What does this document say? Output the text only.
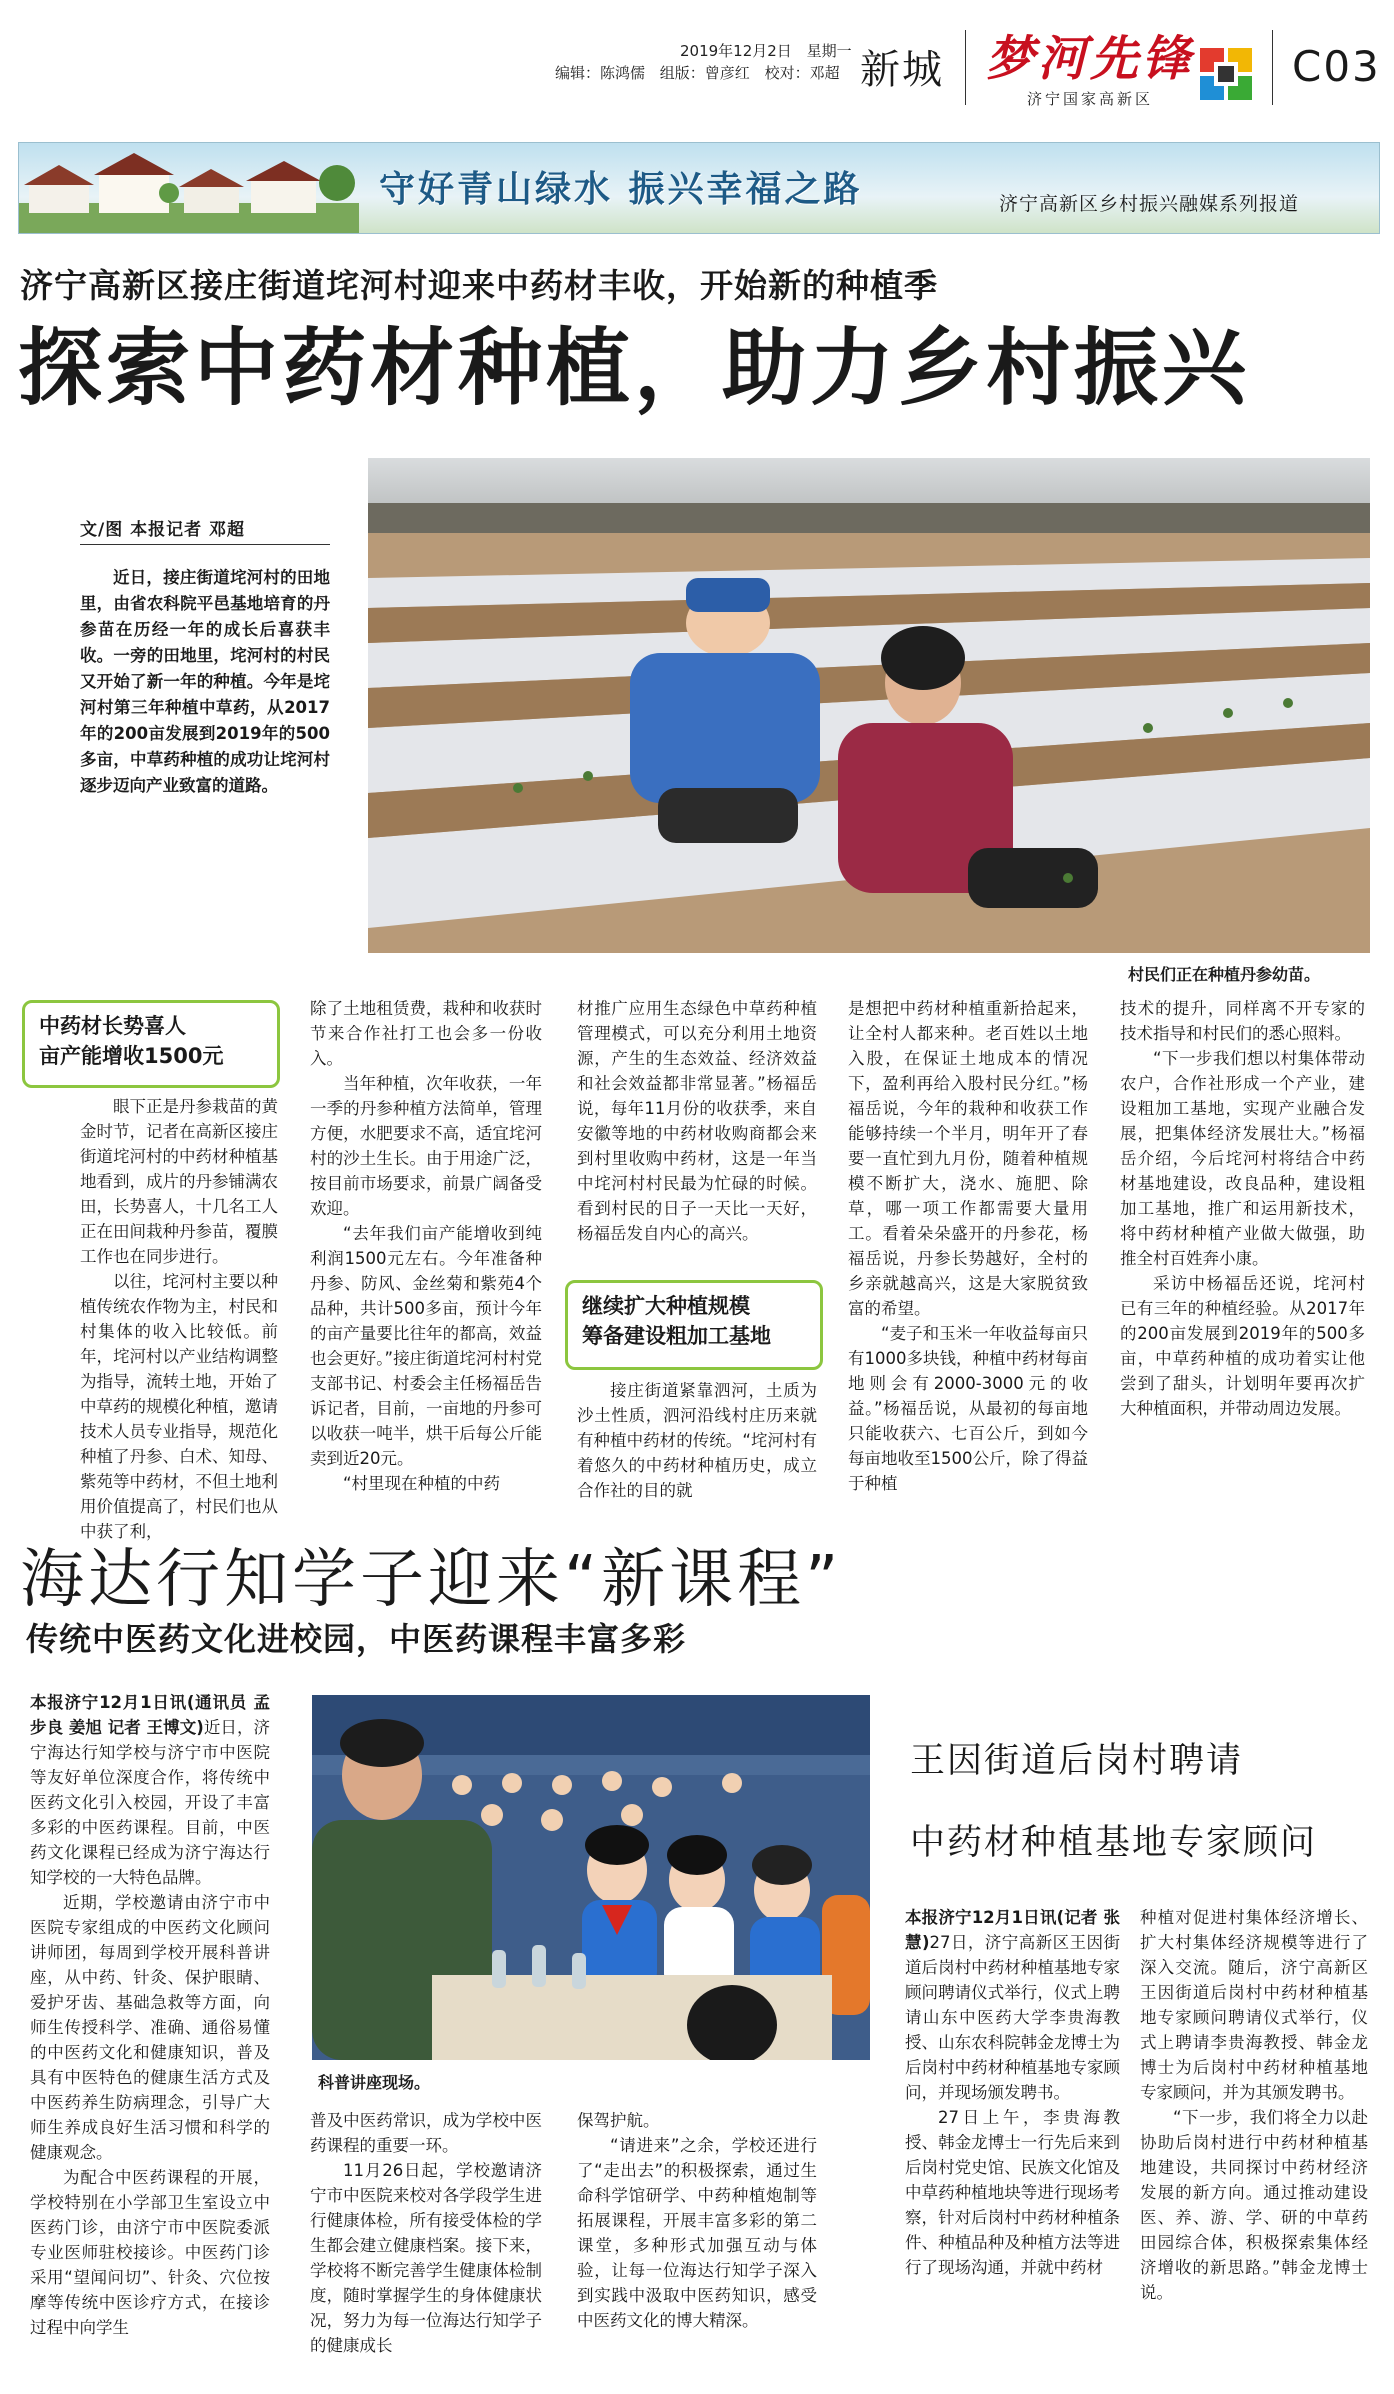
2019年12月2日 星期一
编辑：陈鸿儒 组版：曾彦红 校对：邓超 新城 梦河先锋
济宁国家高新区
C03
守好青山绿水 振兴幸福之路	济宁高新区乡村振兴融媒系列报道
济宁高新区接庄街道垞河村迎来中药材丰收，开始新的种植季
探索中药材种植，助力乡村振兴
文/图 本报记者 邓超

近日，接庄街道垞河村的田地里，由省农科院平邑基地培育的丹参苗在历经一年的成长后喜获丰收。一旁的田地里，垞河村的村民又开始了新一年的种植。今年是垞河村第三年种植中草药，从2017年的200亩发展到2019年的500多亩，中草药种植的成功让垞河村逐步迈向产业致富的道路。

村民们正在种植丹参幼苗。
中药材长势喜人
亩产能增收1500元

眼下正是丹参栽苗的黄金时节，记者在高新区接庄街道垞河村的中药材种植基地看到，成片的丹参铺满农田，长势喜人，十几名工人正在田间栽种丹参苗，覆膜工作也在同步进行。

以往，垞河村主要以种植传统农作物为主，村民和村集体的收入比较低。前年，垞河村以产业结构调整为指导，流转土地，开始了中草药的规模化种植，邀请技术人员专业指导，规范化种植了丹参、白术、知母、紫苑等中药材，不但土地利用价值提高了，村民们也从中获了利，

除了土地租赁费，栽种和收获时节来合作社打工也会多一份收入。

当年种植，次年收获，一年一季的丹参种植方法简单，管理方便，水肥要求不高，适宜垞河村的沙土生长。由于用途广泛，按目前市场要求，前景广阔备受欢迎。

“去年我们亩产能增收到纯利润1500元左右。今年准备种丹参、防风、金丝菊和紫苑4个品种，共计500多亩，预计今年的亩产量要比往年的都高，效益也会更好。”接庄街道垞河村村党支部书记、村委会主任杨福岳告诉记者，目前，一亩地的丹参可以收获一吨半，烘干后每公斤能卖到近20元。

“村里现在种植的中药

材推广应用生态绿色中草药种植管理模式，可以充分利用土地资源，产生的生态效益、经济效益和社会效益都非常显著。”杨福岳说，每年11月份的收获季，来自安徽等地的中药材收购商都会来到村里收购中药材，这是一年当中垞河村村民最为忙碌的时候。看到村民的日子一天比一天好，杨福岳发自内心的高兴。

继续扩大种植规模
筹备建设粗加工基地

接庄街道紧靠泗河，土质为沙土性质，泗河沿线村庄历来就有种植中药材的传统。“垞河村有着悠久的中药材种植历史，成立合作社的目的就

是想把中药材种植重新拾起来，让全村人都来种。老百姓以土地入股，在保证土地成本的情况下，盈利再给入股村民分红。”杨福岳说，今年的栽种和收获工作能够持续一个半月，明年开了春要一直忙到九月份，随着种植规模不断扩大，浇水、施肥、除草，哪一项工作都需要大量用工。看着朵朵盛开的丹参花，杨福岳说，丹参长势越好，全村的乡亲就越高兴，这是大家脱贫致富的希望。

“麦子和玉米一年收益每亩只有1000多块钱，种植中药材每亩地则会有2000-3000元的收益。”杨福岳说，从最初的每亩地只能收获六、七百公斤，到如今每亩地收至1500公斤，除了得益于种植

技术的提升，同样离不开专家的技术指导和村民们的悉心照料。

“下一步我们想以村集体带动农户，合作社形成一个产业，建设粗加工基地，实现产业融合发展，把集体经济发展壮大。”杨福岳介绍，今后垞河村将结合中药材基地建设，改良品种，建设粗加工基地，推广和运用新技术，将中药材种植产业做大做强，助推全村百姓奔小康。

采访中杨福岳还说，垞河村已有三年的种植经验。从2017年的200亩发展到2019年的500多亩，中草药种植的成功着实让他尝到了甜头，计划明年要再次扩大种植面积，并带动周边发展。

海达行知学子迎来“新课程”
传统中医药文化进校园，中医药课程丰富多彩

本报济宁12月1日讯(通讯员 孟步良 姜旭 记者 王博文)近日，济宁海达行知学校与济宁市中医院等友好单位深度合作，将传统中医药文化引入校园，开设了丰富多彩的中医药课程。目前，中医药文化课程已经成为济宁海达行知学校的一大特色品牌。

近期，学校邀请由济宁市中医院专家组成的中医药文化顾问讲师团，每周到学校开展科普讲座，从中药、针灸、保护眼睛、爱护牙齿、基础急救等方面，向师生传授科学、准确、通俗易懂的中医药文化和健康知识，普及具有中医特色的健康生活方式及中医药养生防病理念，引导广大师生养成良好生活习惯和科学的健康观念。

为配合中医药课程的开展，学校特别在小学部卫生室设立中医药门诊，由济宁市中医院委派专业医师驻校接诊。中医药门诊采用“望闻问切”、针灸、穴位按摩等传统中医诊疗方式，在接诊过程中向学生

科普讲座现场。

普及中医药常识，成为学校中医药课程的重要一环。

11月26日起，学校邀请济宁市中医院来校对各学段学生进行健康体检，所有接受体检的学生都会建立健康档案。接下来，学校将不断完善学生健康体检制度，随时掌握学生的身体健康状况，努力为每一位海达行知学子的健康成长

保驾护航。

“请进来”之余，学校还进行了“走出去”的积极探索，通过生命科学馆研学、中药种植炮制等拓展课程，开展丰富多彩的第二课堂，多种形式加强互动与体验，让每一位海达行知学子深入到实践中汲取中医药知识，感受中医药文化的博大精深。

王因街道后岗村聘请
中药材种植基地专家顾问

本报济宁12月1日讯(记者 张慧)27日，济宁高新区王因街道后岗村中药材种植基地专家顾问聘请仪式举行，仪式上聘请山东中医药大学李贵海教授、山东农科院韩金龙博士为后岗村中药材种植基地专家顾问，并现场颁发聘书。

27日上午，李贵海教授、韩金龙博士一行先后来到后岗村党史馆、民族文化馆及中草药种植地块等进行现场考察，针对后岗村中药材种植条件、种植品种及种植方法等进行了现场沟通，并就中药材

种植对促进村集体经济增长、扩大村集体经济规模等进行了深入交流。随后，济宁高新区王因街道后岗村中药材种植基地专家顾问聘请仪式举行，仪式上聘请李贵海教授、韩金龙博士为后岗村中药材种植基地专家顾问，并为其颁发聘书。

“下一步，我们将全力以赴协助后岗村进行中药材种植基地建设，共同探讨中药材经济发展的新方向。通过推动建设医、养、游、学、研的中草药田园综合体，积极探索集体经济增收的新思路。”韩金龙博士说。
